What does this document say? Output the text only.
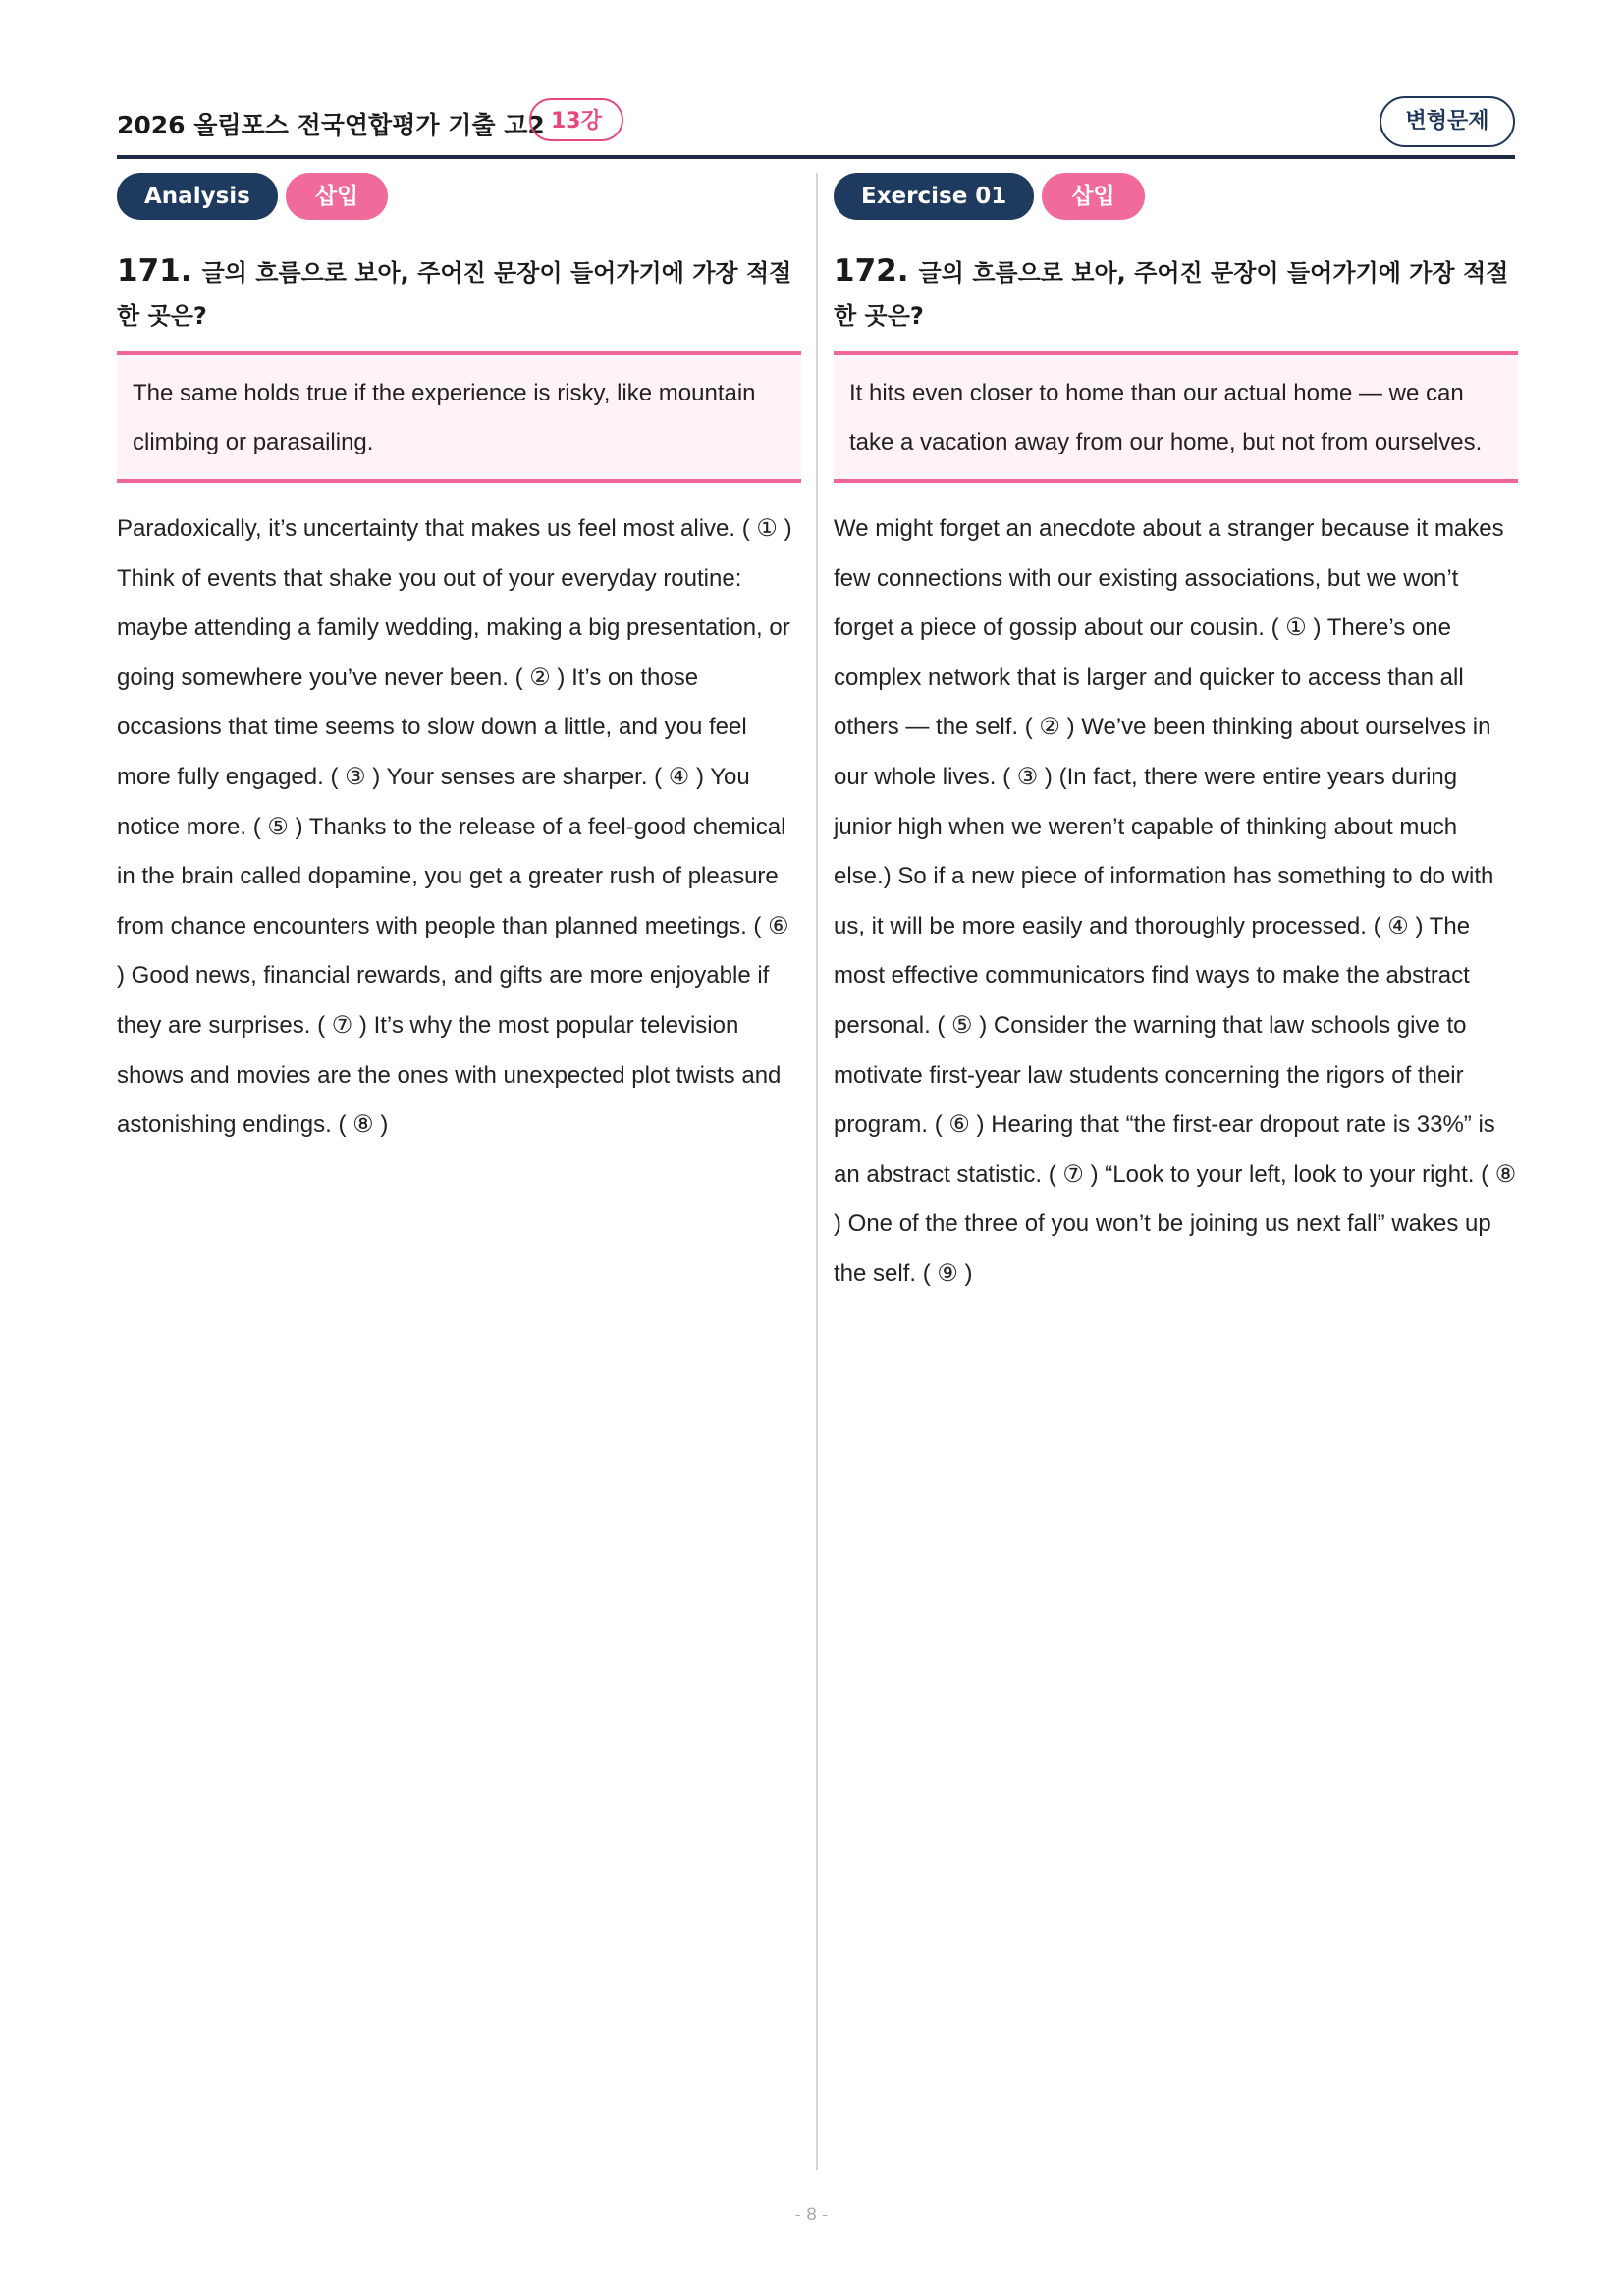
2026 올림포스 전국연합평가 기출 고2 13강	변형문제
Analysis	삽입
171. 글의 흐름으로 보아, 주어진 문장이 들어가기에 가장 적절한 곳은?
The same holds true if the experience is risky, like mountain climbing or parasailing.
Paradoxically, it’s uncertainty that makes us feel most alive. ( ① ) Think of events that shake you out of your everyday routine: maybe attending a family wedding, making a big presentation, or going somewhere you’ve never been. ( ② ) It’s on those occasions that time seems to slow down a little, and you feel more fully engaged. ( ③ ) Your senses are sharper. ( ④ ) You notice more. ( ⑤ ) Thanks to the release of a feel-good chemical in the brain called dopamine, you get a greater rush of pleasure from chance encounters with people than planned meetings. ( ⑥ ) Good news, financial rewards, and gifts are more enjoyable if they are surprises. ( ⑦ ) It’s why the most popular television shows and movies are the ones with unexpected plot twists and astonishing endings. ( ⑧ )
Exercise 01	삽입
172. 글의 흐름으로 보아, 주어진 문장이 들어가기에 가장 적절한 곳은?
It hits even closer to home than our actual home — we can take a vacation away from our home, but not from ourselves.
We might forget an anecdote about a stranger because it makes few connections with our existing associations, but we won’t forget a piece of gossip about our cousin. ( ① ) There’s one complex network that is larger and quicker to access than all others — the self. ( ② ) We’ve been thinking about ourselves in our whole lives. ( ③ ) (In fact, there were entire years during junior high when we weren’t capable of thinking about much else.) So if a new piece of information has something to do with us, it will be more easily and thoroughly processed. ( ④ ) The most effective communicators find ways to make the abstract personal. ( ⑤ ) Consider the warning that law schools give to motivate first-year law students concerning the rigors of their program. ( ⑥ ) Hearing that “the first-ear dropout rate is 33%” is an abstract statistic. ( ⑦ ) “Look to your left, look to your right. ( ⑧ ) One of the three of you won’t be joining us next fall” wakes up the self. ( ⑨ )
- 8 -
